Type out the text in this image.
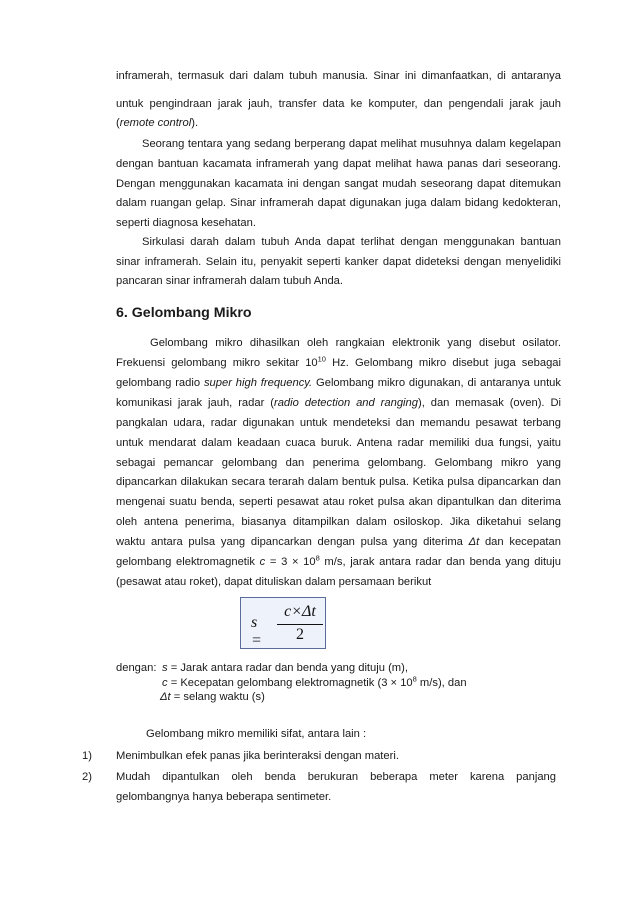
inframerah, termasuk dari dalam tubuh manusia. Sinar ini dimanfaatkan, di antaranya
untuk pengindraan jarak jauh, transfer data ke komputer, dan pengendali jarak jauh
(remote control).
Seorang tentara yang sedang berperang dapat melihat musuhnya dalam kegelapan
dengan bantuan kacamata inframerah yang dapat melihat hawa panas dari seseorang.
Dengan menggunakan kacamata ini dengan sangat mudah seseorang dapat ditemukan
dalam ruangan gelap. Sinar inframerah dapat digunakan juga dalam bidang kedokteran,
seperti diagnosa kesehatan.
Sirkulasi darah dalam tubuh Anda dapat terlihat dengan menggunakan bantuan
sinar inframerah. Selain itu, penyakit seperti kanker dapat dideteksi dengan menyelidiki
pancaran sinar inframerah dalam tubuh Anda.
6. Gelombang Mikro
Gelombang mikro dihasilkan oleh rangkaian elektronik yang disebut osilator.
Frekuensi gelombang mikro sekitar $10^{10}$ Hz. Gelombang mikro disebut juga sebagai
gelombang radio super high frequency. Gelombang mikro digunakan, di antaranya untuk
komunikasi jarak jauh, radar (radio detection and ranging), dan memasak (oven). Di
pangkalan udara, radar digunakan untuk mendeteksi dan memandu pesawat terbang
untuk mendarat dalam keadaan cuaca buruk. Antena radar memiliki dua fungsi, yaitu
sebagai pemancar gelombang dan penerima gelombang. Gelombang mikro yang
dipancarkan dilakukan secara terarah dalam bentuk pulsa. Ketika pulsa dipancarkan dan
mengenai suatu benda, seperti pesawat atau roket pulsa akan dipantulkan dan diterima
oleh antena penerima, biasanya ditampilkan dalam osiloskop. Jika diketahui selang
waktu antara pulsa yang dipancarkan dengan pulsa yang diterima Δt dan kecepatan
gelombang elektromagnetik $c = 3 \times 10^8$ m/s, jarak antara radar dan benda yang dituju
(pesawat atau roket), dapat dituliskan dalam persamaan berikut
$s = \frac{c\times\Delta t}{2}$
dengan: s = Jarak antara radar dan benda yang dituju (m),
c = Kecepatan gelombang elektromagnetik ($3 \times 10^8$ m/s), dan
Δt = selang waktu (s)
Gelombang mikro memiliki sifat, antara lain :
1) Menimbulkan efek panas jika berinteraksi dengan materi.
2) Mudah dipantulkan oleh benda berukuran beberapa meter karena panjang
gelombangnya hanya beberapa sentimeter.
